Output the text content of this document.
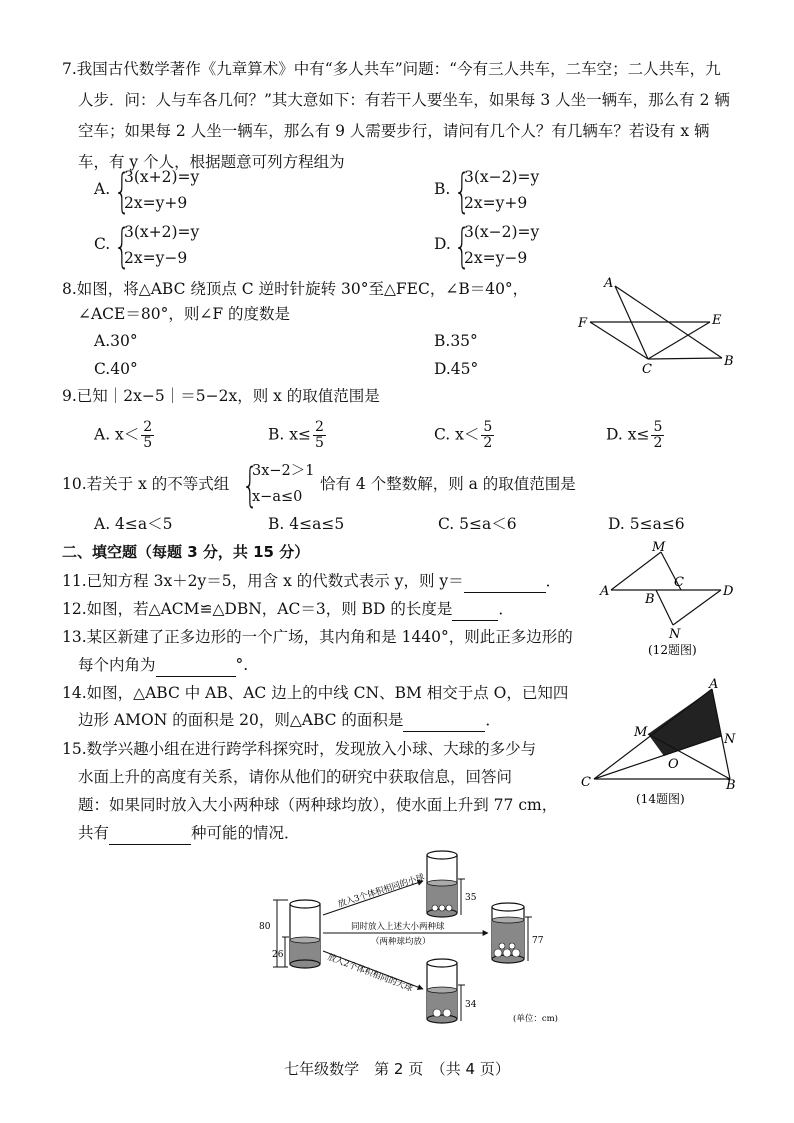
7.我国古代数学著作《九章算术》中有“多人共车”问题：“今有三人共车，二车空；二人共车，九
人步．问：人与车各几何？”其大意如下：有若干人要坐车，如果每 3 人坐一辆车，那么有 2 辆
空车；如果每 2 人坐一辆车，那么有 9 人需要步行，请问有几个人？有几辆车？若设有 x 辆
车，有 y 个人，根据题意可列方程组为
A. {
3(x+2)=y
2x=y+9
B. {
3(x−2)=y
2x=y+9
C. {
3(x+2)=y
2x=y−9
D. {
3(x−2)=y
2x=y−9
8.如图，将△ABC 绕顶点 C 逆时针旋转 30°至△FEC，∠B＝40°，
∠ACE＝80°，则∠F 的度数是
A.30°	B.35°
C.40°	D.45°
A
F	E
B
C
9.已知｜2x−5｜＝5−2x，则 x 的取值范围是
A. $x< \frac{2}{5}$	B. $x\le \frac{2}{5}$	C. $x< \frac{5}{2}$	D. $x\le \frac{5}{2}$
10.若关于 x 的不等式组 {
3x−2＞1
x−a≤0
恰有 4 个整数解，则 a 的取值范围是
A. 4≤a＜5	B. 4≤a≤5	C. 5≤a＜6	D. 5≤a≤6
二、填空题（每题 3 分，共 15 分）
11.已知方程 3x＋2y＝5，用含 x 的代数式表示 y，则 y＝	．
12.如图，若△ACM≌△DBN，AC＝3，则 BD 的长度是	．
M
A
C
D
B
N
(12题图)
13.某区新建了正多边形的一个广场，其内角和是 1440°，则此正多边形的
每个内角为	°.
14.如图，△ABC 中 AB、AC 边上的中线 CN、BM 相交于点 O，已知四
边形 AMON 的面积是 20，则△ABC 的面积是	．
A
M	N
O
C	B
(14题图)
15.数学兴趣小组在进行跨学科探究时，发现放入小球、大球的多少与
水面上升的高度有关系，请你从他们的研究中获取信息，回答问
题：如果同时放入大小两种球（两种球均放），使水面上升到 77 cm，
共有	种可能的情况．
80
26
35
77
34
放入3个体积相同的小球
同时放入上述大小两种球
（两种球均放）
放入2个体积相同的大球
(单位：cm)
七年级数学　第 2 页　（共 4 页）
